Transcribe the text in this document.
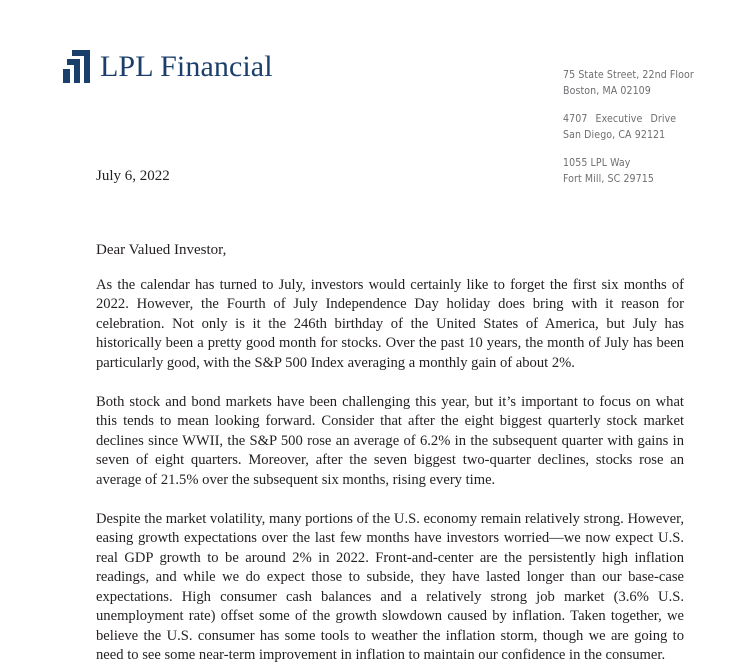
LPL Financial	75 State Street, 22nd Floor
Boston, MA 02109
4707 Executive Drive
San Diego, CA 92121
1055 LPL Way
Fort Mill, SC 29715
July 6, 2022
Dear Valued Investor,

As the calendar has turned to July, investors would certainly like to forget the first six months of 2022. However, the Fourth of July Independence Day holiday does bring with it reason for celebration. Not only is it the 246th birthday of the United States of America, but July has historically been a pretty good month for stocks. Over the past 10 years, the month of July has been particularly good, with the S&P 500 Index averaging a monthly gain of about 2%.

Both stock and bond markets have been challenging this year, but it’s important to focus on what this tends to mean looking forward. Consider that after the eight biggest quarterly stock market declines since WWII, the S&P 500 rose an average of 6.2% in the subsequent quarter with gains in seven of eight quarters. Moreover, after the seven biggest two-quarter declines, stocks rose an average of 21.5% over the subsequent six months, rising every time.

Despite the market volatility, many portions of the U.S. economy remain relatively strong. However, easing growth expectations over the last few months have investors worried—we now expect U.S. real GDP growth to be around 2% in 2022. Front-and-center are the persistently high inflation readings, and while we do expect those to subside, they have lasted longer than our base-case expectations. High consumer cash balances and a relatively strong job market (3.6% U.S. unemployment rate) offset some of the growth slowdown caused by inflation. Taken together, we believe the U.S. consumer has some tools to weather the inflation storm, though we are going to need to see some near-term improvement in inflation to maintain our confidence in the consumer.
